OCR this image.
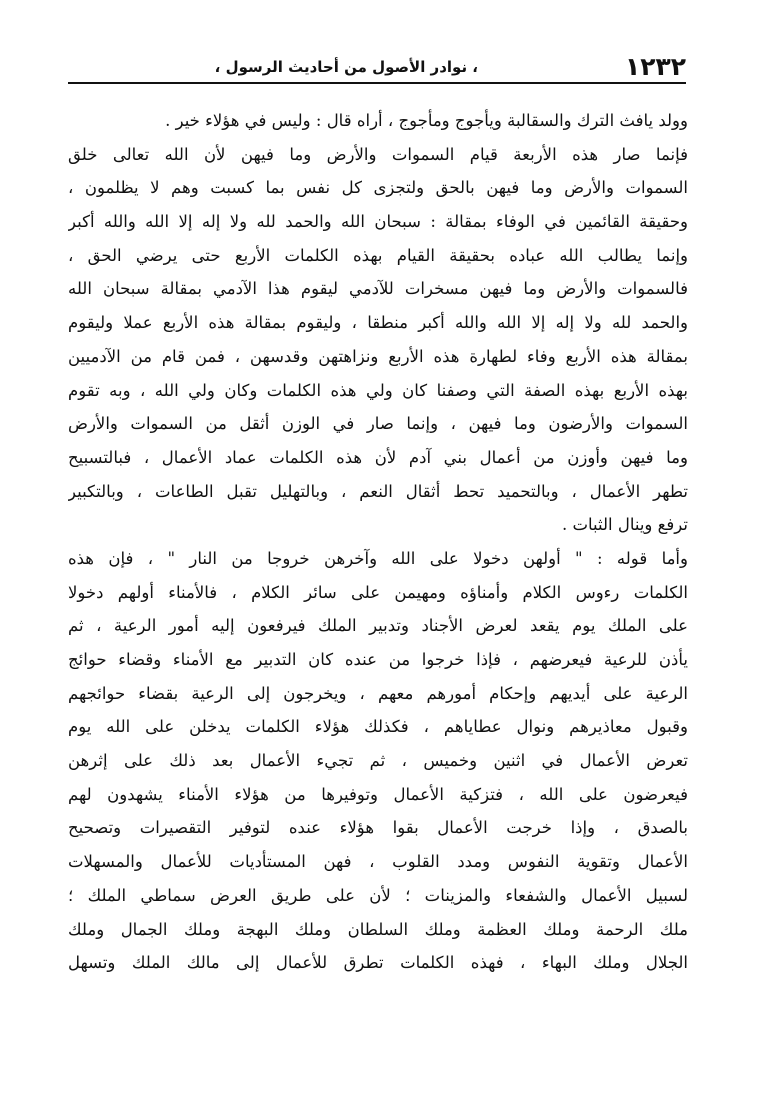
١٢٣٢
، نوادر الأصول من أحاديث الرسول ،
وولد يافث الترك والسقالبة ويأجوج ومأجوج ، أراه قال : وليس في هؤلاء خير .
فإنما صار هذه الأربعة قيام السموات والأرض وما فيهن لأن الله تعالى خلق
السموات والأرض وما فيهن بالحق ولتجزى كل نفس بما كسبت وهم لا يظلمون ،
وحقيقة القائمين في الوفاء بمقالة : سبحان الله والحمد لله ولا إله إلا الله والله أكبر
وإنما يطالب الله عباده بحقيقة القيام بهذه الكلمات الأربع حتى يرضي الحق ،
فالسموات والأرض وما فيهن مسخرات للآدمي ليقوم هذا الآدمي بمقالة سبحان الله
والحمد لله ولا إله إلا الله والله أكبر منطقا ، وليقوم بمقالة هذه الأربع عملا وليقوم
بمقالة هذه الأربع وفاء لطهارة هذه الأربع ونزاهتهن وقدسهن ، فمن قام من الآدميين
بهذه الأربع بهذه الصفة التي وصفنا كان ولي هذه الكلمات وكان ولي الله ، وبه تقوم
السموات والأرضون وما فيهن ، وإنما صار في الوزن أثقل من السموات والأرض
وما فيهن وأوزن من أعمال بني آدم لأن هذه الكلمات عماد الأعمال ، فبالتسبيح
تطهر الأعمال ، وبالتحميد تحط أثقال النعم ، وبالتهليل تقبل الطاعات ، وبالتكبير
ترفع وينال الثبات .
وأما قوله : " أولهن دخولا على الله وآخرهن خروجا من النار " ، فإن هذه
الكلمات رءوس الكلام وأمناؤه ومهيمن على سائر الكلام ، فالأمناء أولهم دخولا
على الملك يوم يقعد لعرض الأجناد وتدبير الملك فيرفعون إليه أمور الرعية ، ثم
يأذن للرعية فيعرضهم ، فإذا خرجوا من عنده كان التدبير مع الأمناء وقضاء حوائج
الرعية على أيديهم وإحكام أمورهم معهم ، ويخرجون إلى الرعية بقضاء حوائجهم
وقبول معاذيرهم ونوال عطاياهم ، فكذلك هؤلاء الكلمات يدخلن على الله يوم
تعرض الأعمال في اثنين وخميس ، ثم تجيء الأعمال بعد ذلك على إثرهن
فيعرضون على الله ، فتزكية الأعمال وتوفيرها من هؤلاء الأمناء يشهدون لهم
بالصدق ، وإذا خرجت الأعمال بقوا هؤلاء عنده لتوفير التقصيرات وتصحيح
الأعمال وتقوية النفوس ومدد القلوب ، فهن المستأديات للأعمال والمسهلات
لسبيل الأعمال والشفعاء والمزينات ؛ لأن على طريق العرض سماطي الملك ؛
ملك الرحمة وملك العظمة وملك السلطان وملك البهجة وملك الجمال وملك
الجلال وملك البهاء ، فهذه الكلمات تطرق للأعمال إلى مالك الملك وتسهل
